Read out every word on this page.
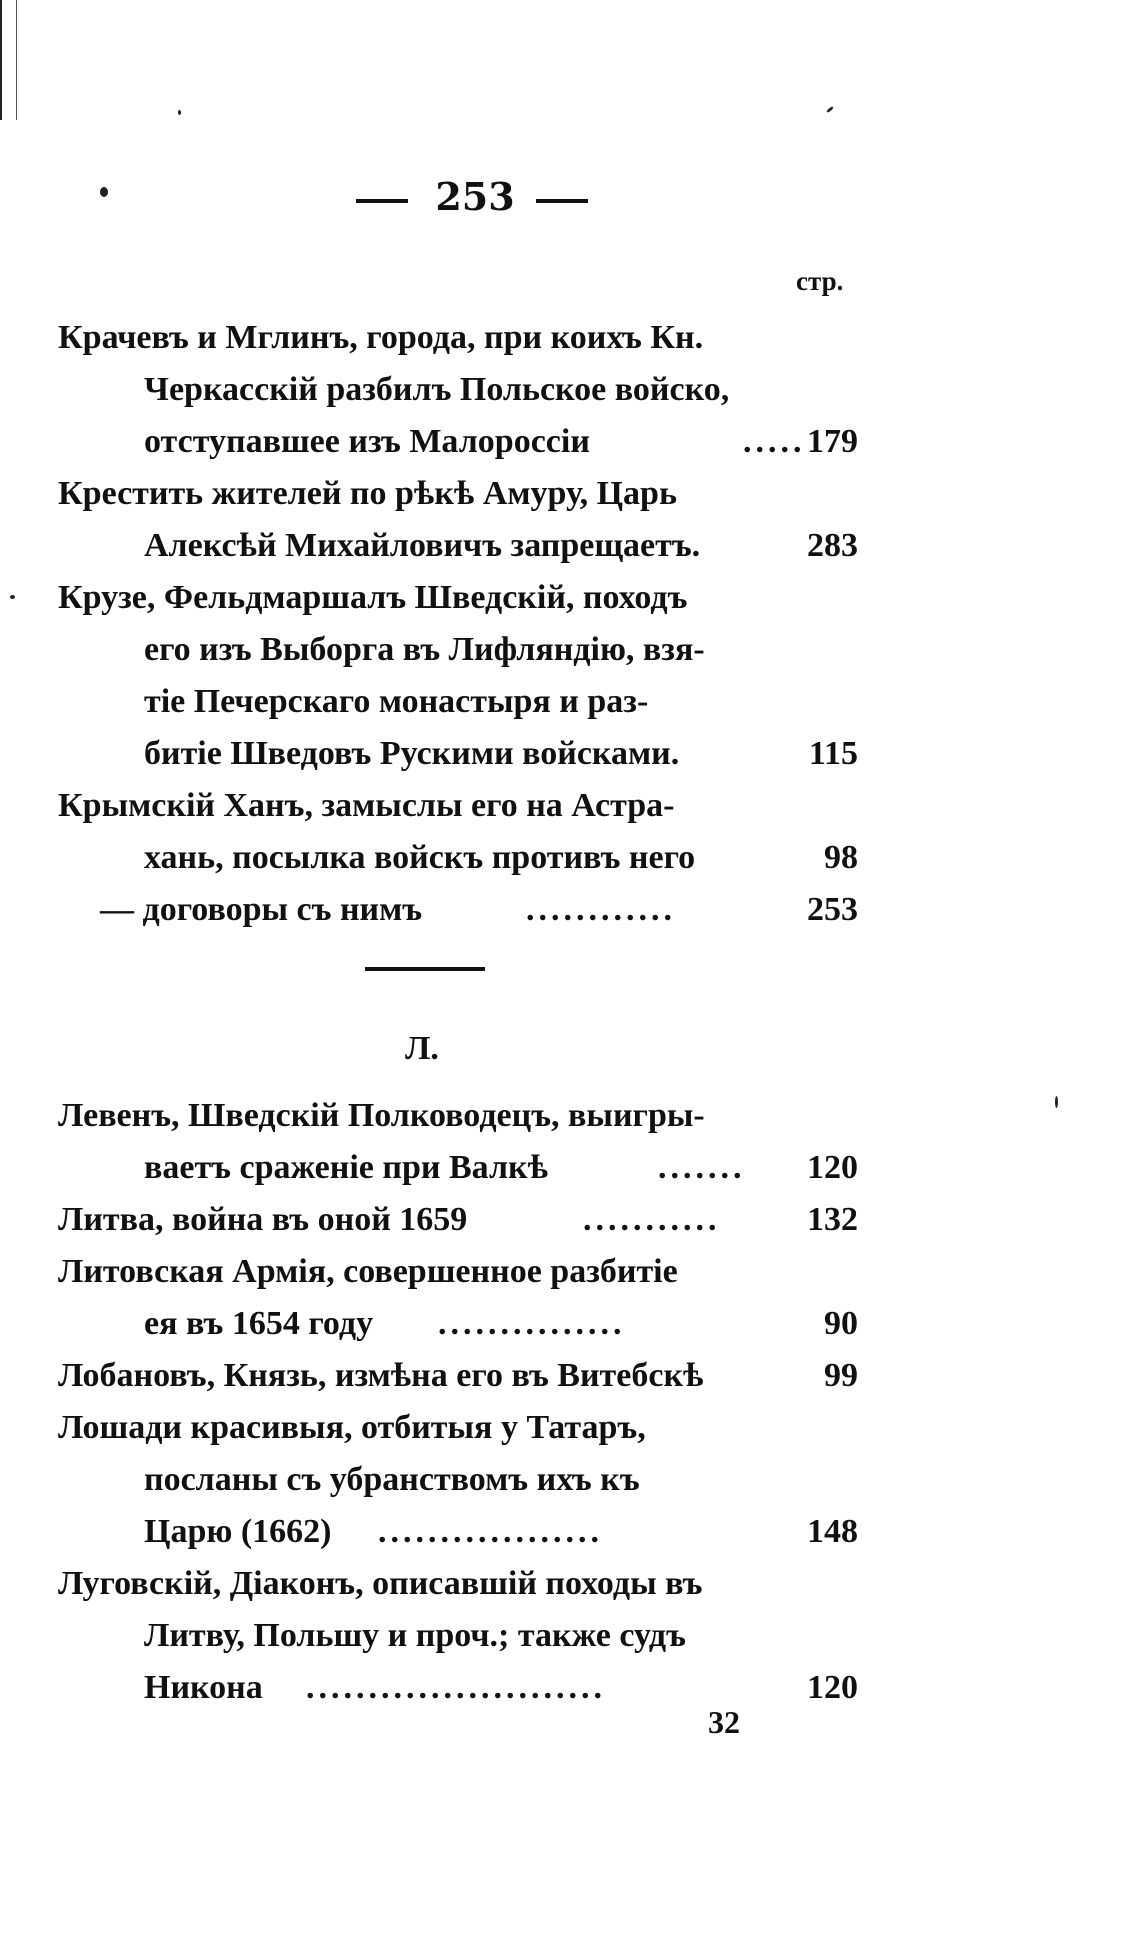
253
стр.
Крачевъ и Мглинъ, города, при коихъ Кн.
Черкасскій разбилъ Польское войско,
отступавшее изъ Малороссіи	..... 179
Крестить жителей по рѣкѣ Амуру, Царь
Алексѣй Михайловичъ запрещаетъ.	283
Крузе, Фельдмаршалъ Шведскій, походъ
его изъ Выборга въ Лифляндію, взя-
тіе Печерскаго монастыря и раз-
битіе Шведовъ Рускими войсками.	115
Крымскій Ханъ, замыслы его на Астра-
хань, посылка войскъ противъ него	98
— договоры съ нимъ	............	253
Л.
Левенъ, Шведскій Полководецъ, выигры-
ваетъ сраженіе при Валкѣ	....... 120
Литва, война въ оной 1659	...........	132
Литовская Армія, совершенное разбитіе
ея въ 1654 году ...............	90
Лобановъ, Князь, измѣна его въ Витебскѣ	99
Лошади красивыя, отбитыя у Татаръ,
посланы съ убранствомъ ихъ къ
Царю (1662) ..................	148
Луговскій, Діаконъ, описавшій походы въ
Литву, Польшу и проч.; также судъ
Никона ........................	120
32
